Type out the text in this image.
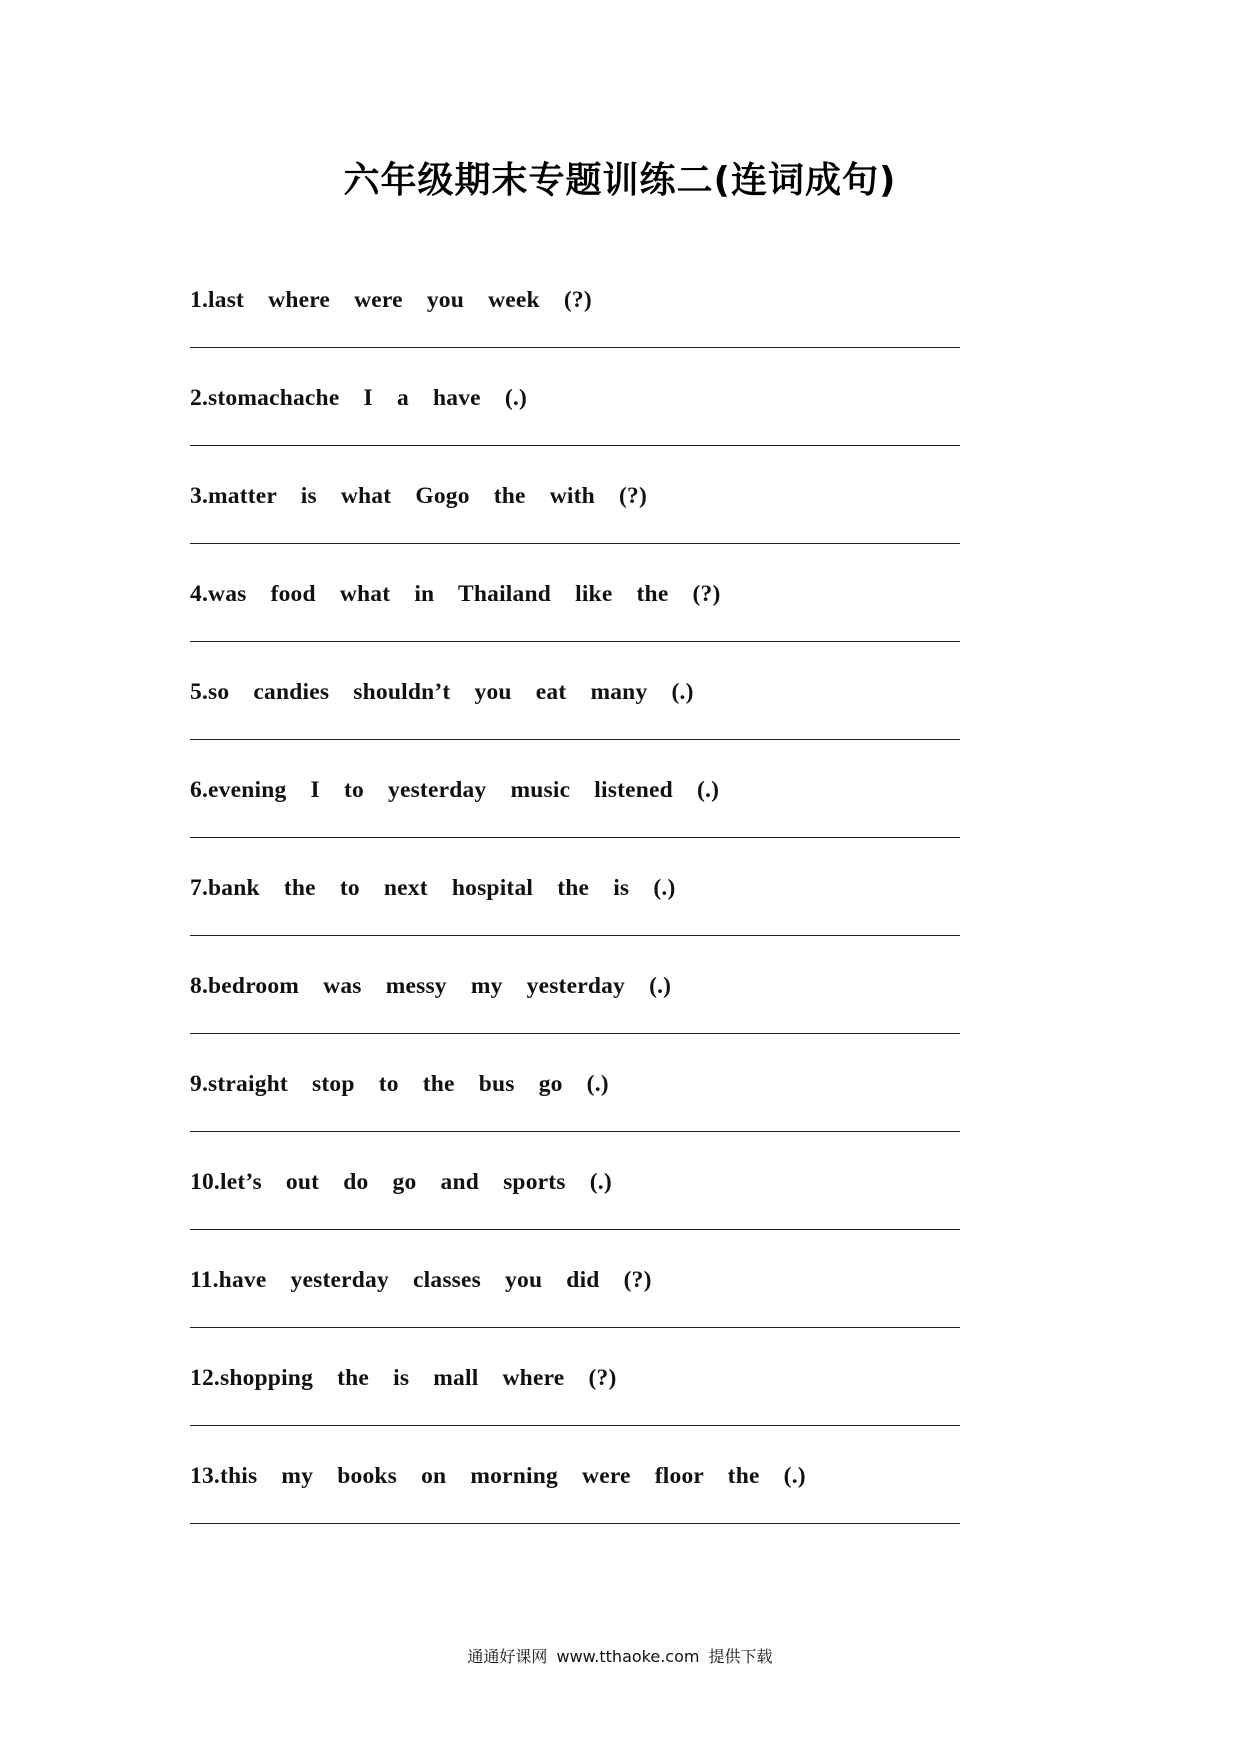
六年级期末专题训练二(连词成句)
1.last where were you week (?)
2.stomachache I a have (.)
3.matter is what Gogo the with (?)
4.was food what in Thailand like the (?)
5.so candies shouldn’t you eat many (.)
6.evening I to yesterday music listened (.)
7.bank the to next hospital the is (.)
8.bedroom was messy my yesterday (.)
9.straight stop to the bus go (.)
10.let’s out do go and sports (.)
11.have yesterday classes you did (?)
12.shopping the is mall where (?)
13.this my books on morning were floor the (.)
通通好课网 www.tthaoke.com 提供下载
